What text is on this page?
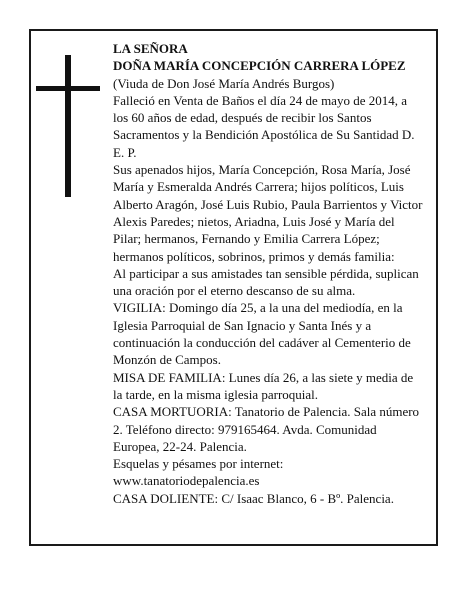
LA SEÑORA

DOÑA MARÍA CONCEPCIÓN CARRERA LÓPEZ

(Viuda de Don José María Andrés Burgos)

Falleció en Venta de Baños el día 24 de mayo de 2014, a los 60 años de edad, después de recibir los Santos Sacramentos y la Bendición Apostólica de Su Santidad D. E. P.

Sus apenados hijos, María Concepción, Rosa María, José María y Esmeralda Andrés Carrera; hijos políticos, Luis Alberto Aragón, José Luis Rubio, Paula Barrientos y Victor Alexis Paredes; nietos, Ariadna, Luis José y María del Pilar; hermanos, Fernando y Emilia Carrera López; hermanos políticos, sobrinos, primos y demás familia:

Al participar a sus amistades tan sensible pérdida, suplican una oración por el eterno descanso de su alma.

VIGILIA: Domingo día 25, a la una del mediodía, en la Iglesia Parroquial de San Ignacio y Santa Inés y a continuación la conducción del cadáver al Cementerio de Monzón de Campos.

MISA DE FAMILIA: Lunes día 26, a las siete y media de la tarde, en la misma iglesia parroquial.

CASA MORTUORIA: Tanatorio de Palencia. Sala número 2. Teléfono directo: 979165464. Avda. Comunidad Europea, 22-24. Palencia.

Esquelas y pésames por internet:

www.tanatoriodepalencia.es

CASA DOLIENTE: C/ Isaac Blanco, 6 - Bº. Palencia.
